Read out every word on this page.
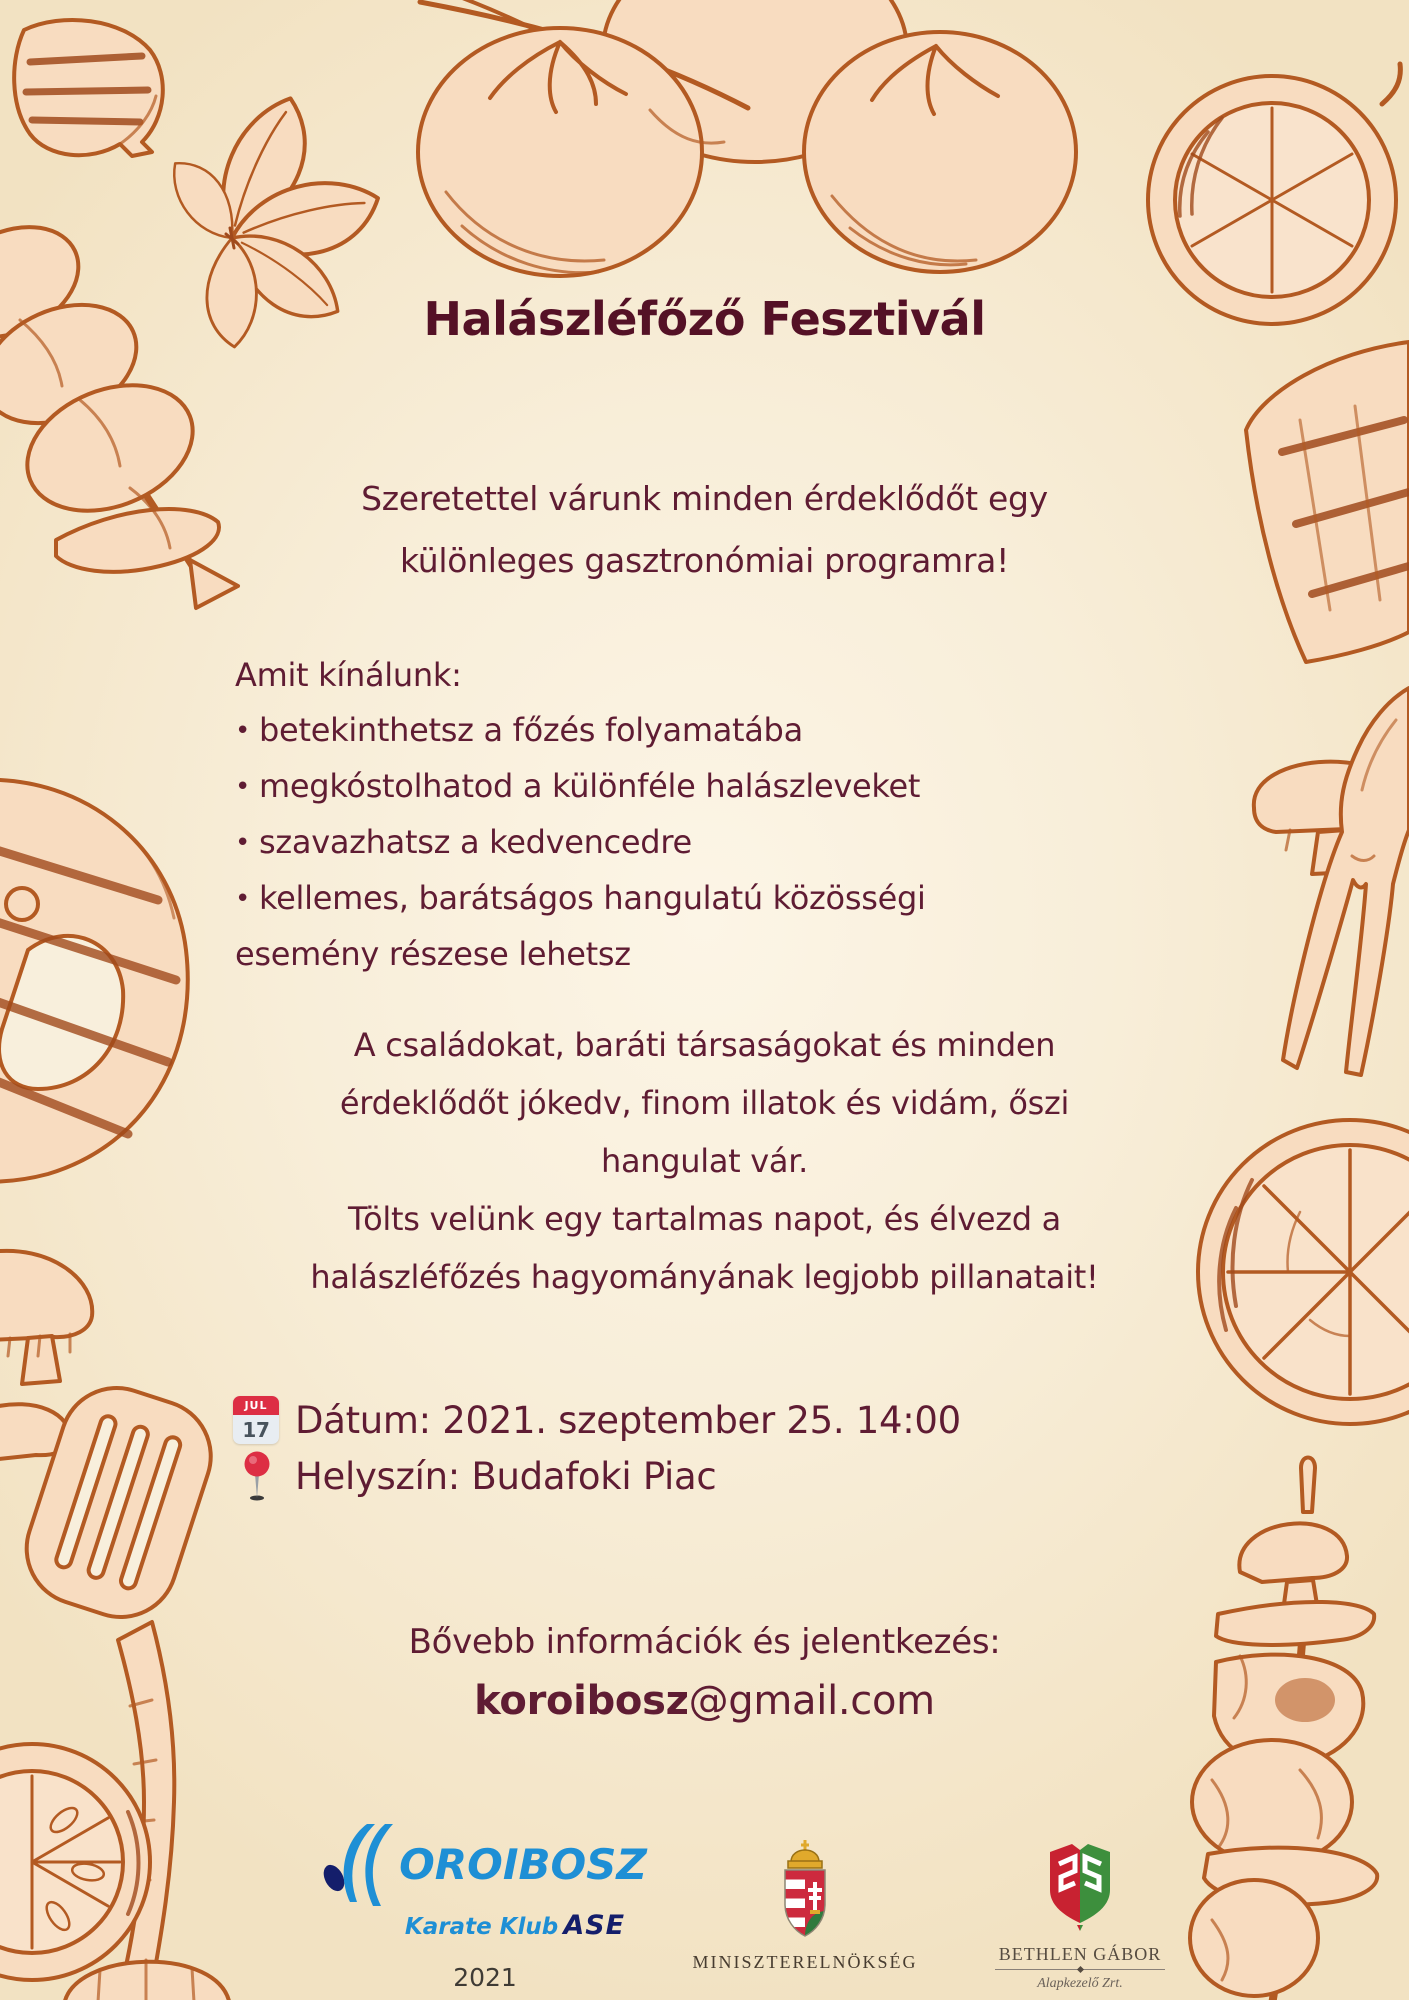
Halászléfőző Fesztivál
Szeretettel várunk minden érdeklődőt egy
különleges gasztronómiai programra!
Amit kínálunk:
• betekinthetsz a főzés folyamatába
• megkóstolhatod a különféle halászleveket
• szavazhatsz a kedvencedre
• kellemes, barátságos hangulatú közösségi esemény részese lehetsz
A családokat, baráti társaságokat és minden
érdeklődőt jókedv, finom illatok és vidám, őszi
hangulat vár.
Tölts velünk egy tartalmas napot, és élvezd a
halászléfőzés hagyományának legjobb pillanatait!
JUL
17 Dátum: 2021. szeptember 25. 14:00
Helyszín: Budafoki Piac
Bővebb információk és jelentkezés:
koroibosz@gmail.com
OROIBOSZ
Karate Klub ASE
2021
MINISZTERELNÖKSÉG	BETHLEN GÁBOR
Alapkezelő Zrt.
